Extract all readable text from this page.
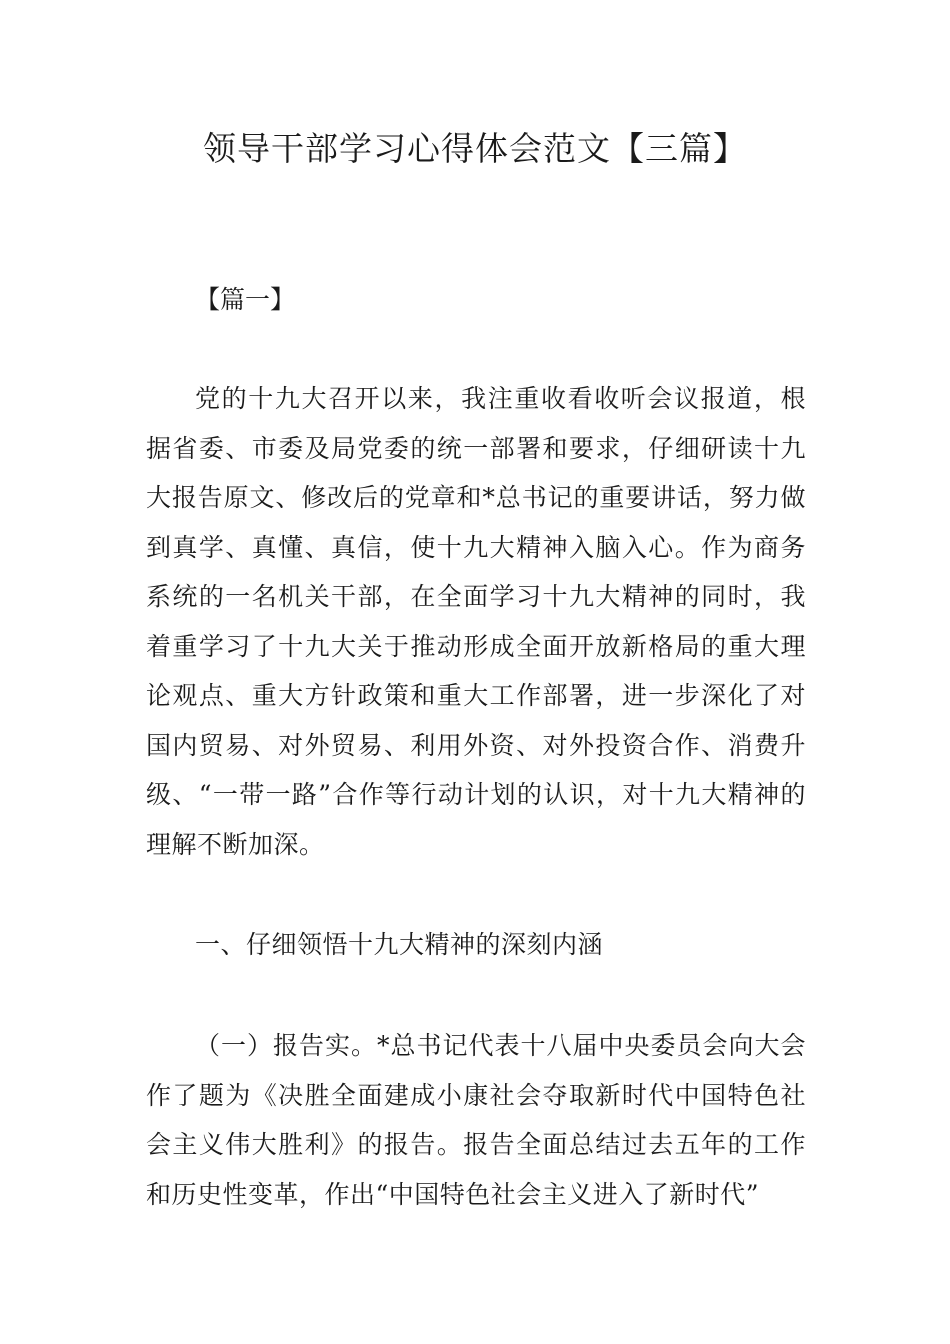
领导干部学习心得体会范文【三篇】

【篇一】

党的十九大召开以来，我注重收看收听会议报道，根据省委、市委及局党委的统一部署和要求，仔细研读十九大报告原文、修改后的党章和*总书记的重要讲话，努力做到真学、真懂、真信，使十九大精神入脑入心。作为商务系统的一名机关干部，在全面学习十九大精神的同时，我着重学习了十九大关于推动形成全面开放新格局的重大理论观点、重大方针政策和重大工作部署，进一步深化了对国内贸易、对外贸易、利用外资、对外投资合作、消费升级、“一带一路”合作等行动计划的认识，对十九大精神的理解不断加深。

一、仔细领悟十九大精神的深刻内涵

（一）报告实。*总书记代表十八届中央委员会向大会作了题为《决胜全面建成小康社会夺取新时代中国特色社会主义伟大胜利》的报告。报告全面总结过去五年的工作和历史性变革，作出“中国特色社会主义进入了新时代”
